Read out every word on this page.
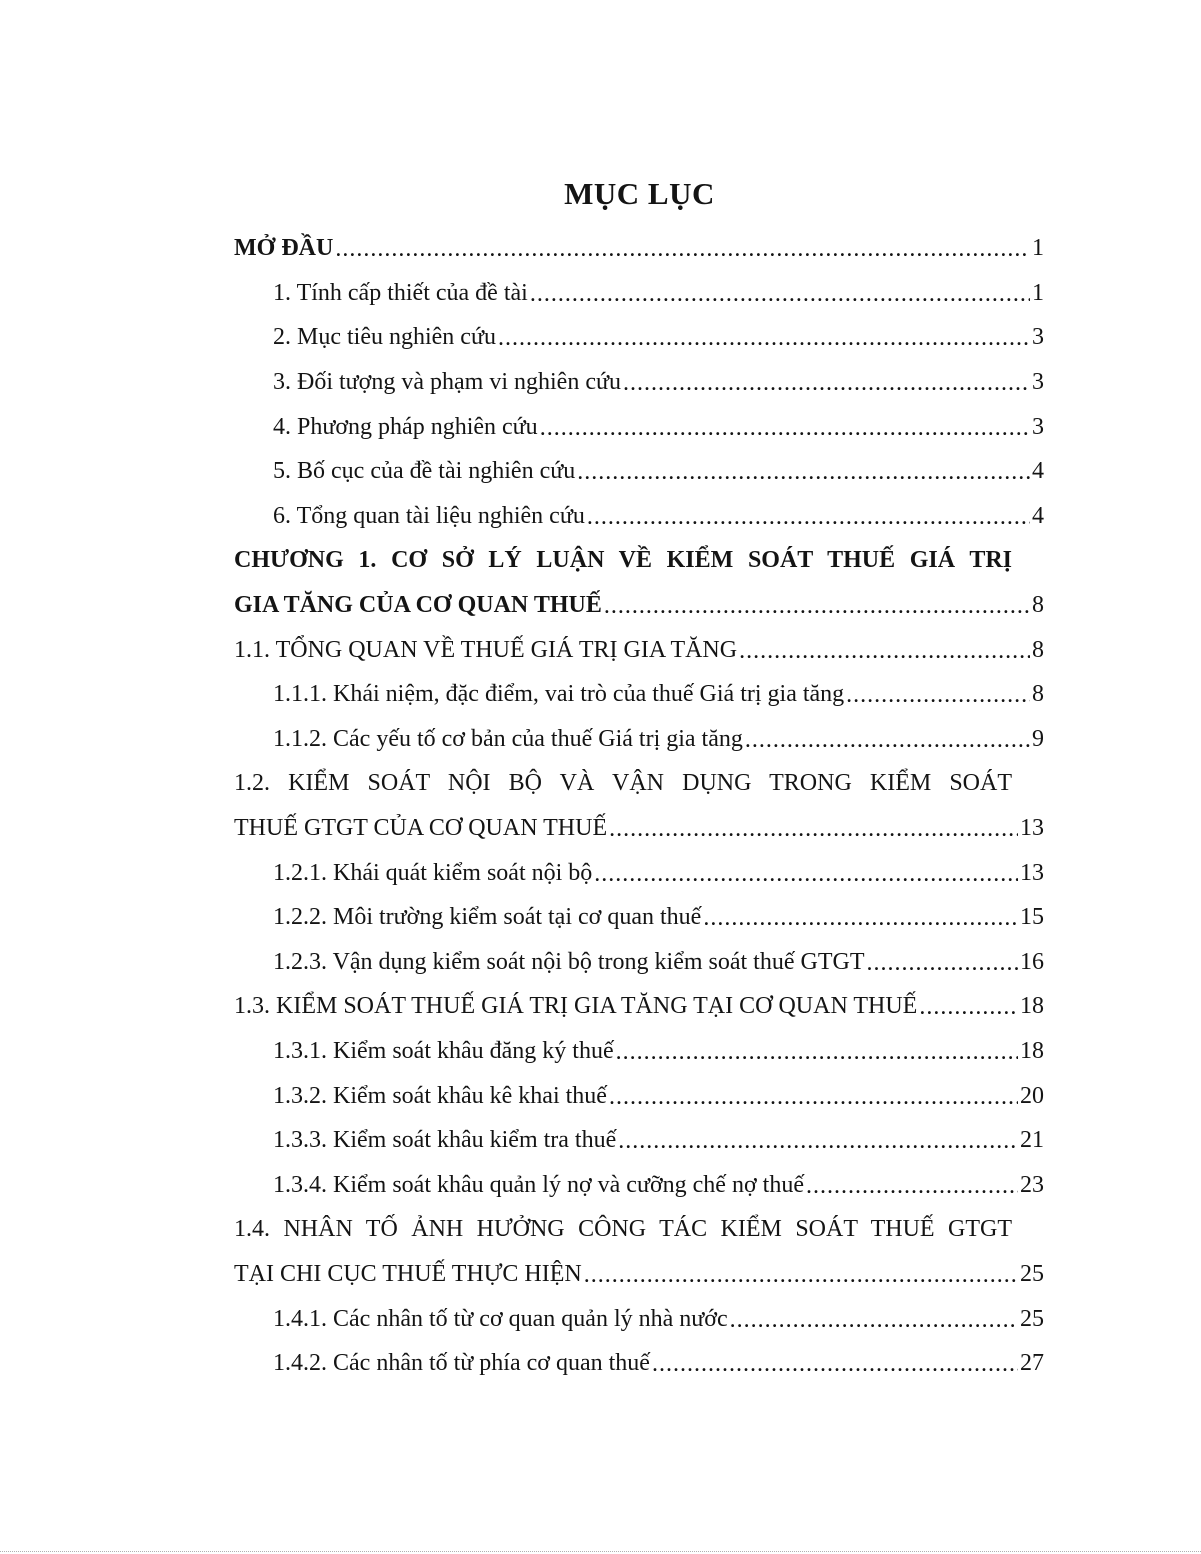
MỤC LỤC
MỞ ĐẦU .....	1
1. Tính cấp thiết của đề tài .....	1
2. Mục tiêu nghiên cứu .....	3
3. Đối tượng và phạm vi nghiên cứu .....	3
4. Phương pháp nghiên cứu .....	3
5. Bố cục của đề tài nghiên cứu .....	4
6. Tổng quan tài liệu nghiên cứu .....	4
CHƯƠNG 1. CƠ SỞ LÝ LUẬN VỀ KIỂM SOÁT THUẾ GIÁ TRỊ
GIA TĂNG CỦA CƠ QUAN THUẾ .....	8
1.1. TỔNG QUAN VỀ THUẾ GIÁ TRỊ GIA TĂNG .....	8
1.1.1. Khái niệm, đặc điểm, vai trò của thuế Giá trị gia tăng .....	8
1.1.2. Các yếu tố cơ bản của thuế Giá trị gia tăng .....	9
1.2. KIỂM SOÁT NỘI BỘ VÀ VẬN DỤNG TRONG KIỂM SOÁT
THUẾ GTGT CỦA CƠ QUAN THUẾ .....	13
1.2.1. Khái quát kiểm soát nội bộ .....	13
1.2.2. Môi trường kiểm soát tại cơ quan thuế .....	15
1.2.3. Vận dụng kiểm soát nội bộ trong kiểm soát thuế GTGT .....	16
1.3. KIỂM SOÁT THUẾ GIÁ TRỊ GIA TĂNG TẠI CƠ QUAN THUẾ .....	18
1.3.1. Kiểm soát khâu đăng ký thuế .....	18
1.3.2. Kiểm soát khâu kê khai thuế .....	20
1.3.3. Kiểm soát khâu kiểm tra thuế .....	21
1.3.4. Kiểm soát khâu quản lý nợ và cưỡng chế nợ thuế .....	23
1.4. NHÂN TỐ ẢNH HƯỞNG CÔNG TÁC KIỂM SOÁT THUẾ GTGT
TẠI CHI CỤC THUẾ THỰC HIỆN .....	25
1.4.1. Các nhân tố từ cơ quan quản lý nhà nước .....	25
1.4.2. Các nhân tố từ phía cơ quan thuế .....	27
